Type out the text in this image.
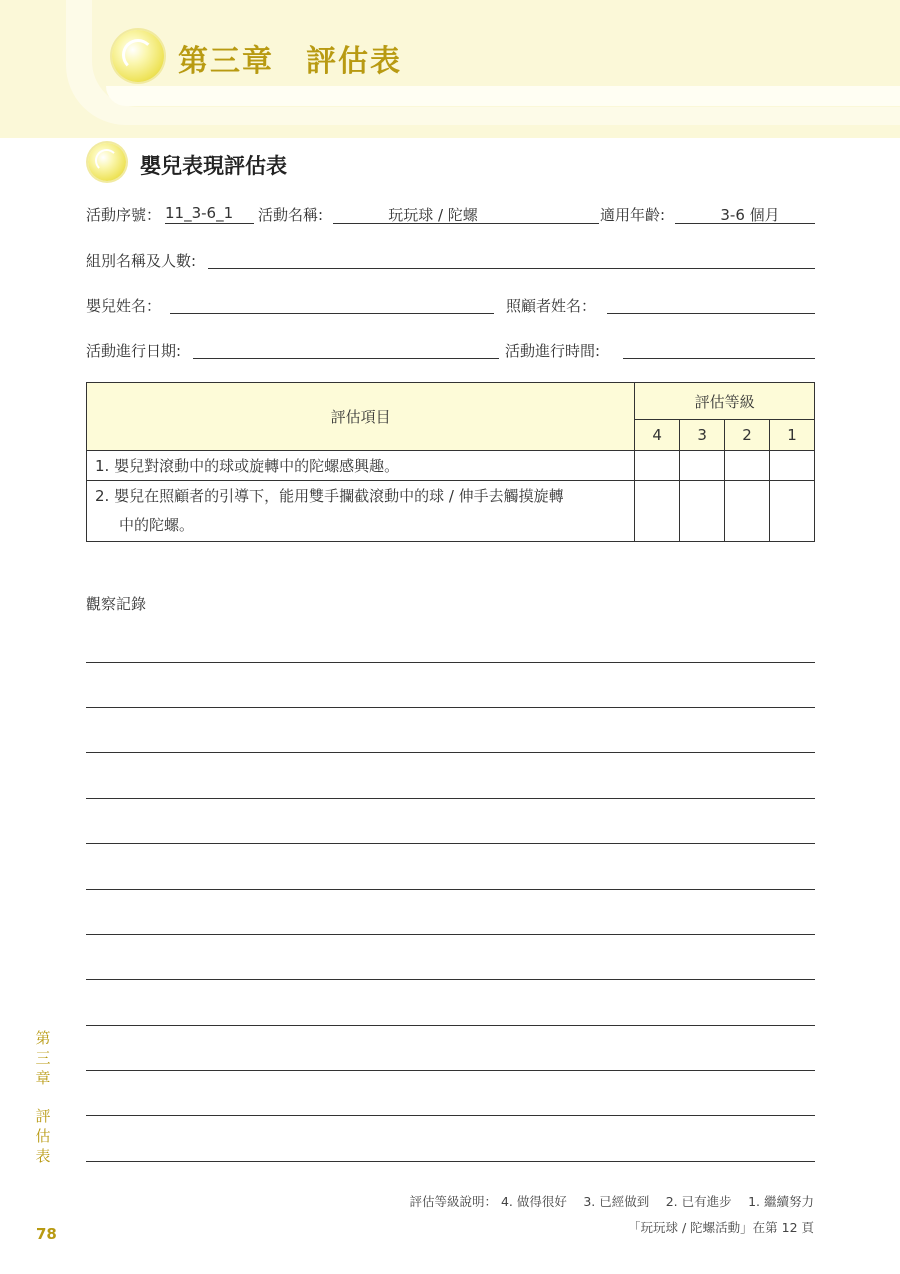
第三章　評估表
嬰兒表現評估表
活動序號： 11_3-6_1	活動名稱:	玩玩球 / 陀螺	適用年齡:	3-6 個月
組別名稱及人數:
嬰兒姓名：	照顧者姓名：
活動進行日期:	活動進行時間:
評估項目	評估等級			
	4	3	2	1
1. 嬰兒對滾動中的球或旋轉中的陀螺感興趣。				

2. 嬰兒在照顧者的引導下，能用雙手攔截滾動中的球 / 伸手去觸摸旋轉
中的陀螺。				

觀察記錄
第
三
章
評
估
表
評估等級說明： 4. 做得很好　 3. 已經做到　 2. 已有進步　 1. 繼續努力
「玩玩球 / 陀螺活動」在第 12 頁
78
